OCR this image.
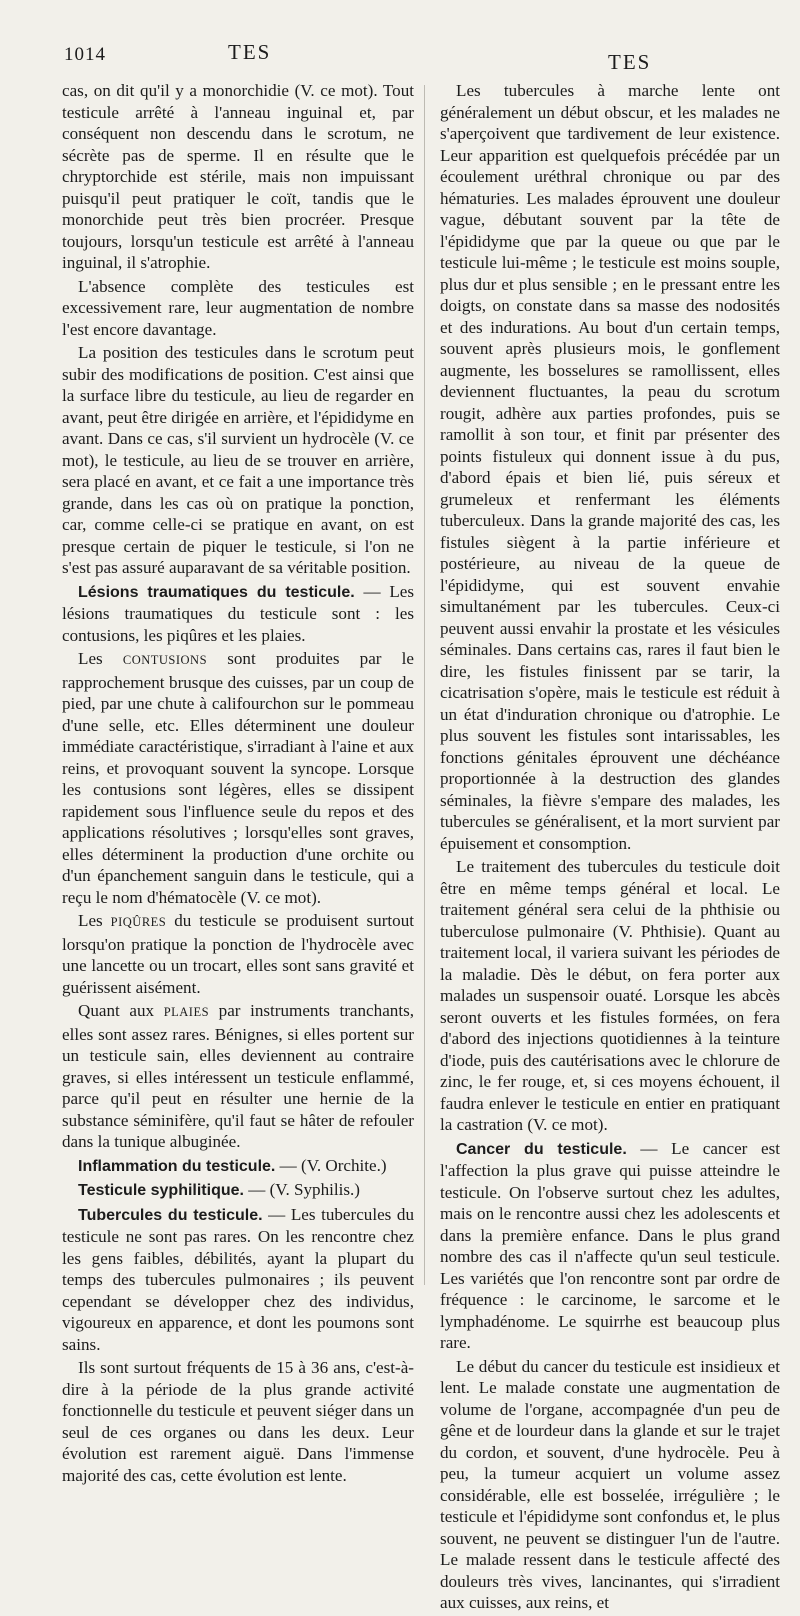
1014	TES	TES

cas, on dit qu'il y a monorchidie (V. ce mot). Tout testicule arrêté à l'anneau inguinal et, par conséquent non descendu dans le scrotum, ne sécrète pas de sperme. Il en résulte que le chryptorchide est stérile, mais non impuissant puisqu'il peut pratiquer le coït, tandis que le monorchide peut très bien procréer. Presque toujours, lorsqu'un testicule est arrêté à l'anneau inguinal, il s'atrophie.

L'absence complète des testicules est excessivement rare, leur augmentation de nombre l'est encore davantage.

La position des testicules dans le scrotum peut subir des modifications de position. C'est ainsi que la surface libre du testicule, au lieu de regarder en avant, peut être dirigée en arrière, et l'épididyme en avant. Dans ce cas, s'il survient un hydrocèle (V. ce mot), le testicule, au lieu de se trouver en arrière, sera placé en avant, et ce fait a une importance très grande, dans les cas où on pratique la ponction, car, comme celle-ci se pratique en avant, on est presque certain de piquer le testicule, si l'on ne s'est pas assuré auparavant de sa véritable position.

Lésions traumatiques du testicule. — Les lésions traumatiques du testicule sont : les contusions, les piqûres et les plaies.

Les CONTUSIONS sont produites par le rapprochement brusque des cuisses, par un coup de pied, par une chute à califourchon sur le pommeau d'une selle, etc. Elles déterminent une douleur immédiate caractéristique, s'irradiant à l'aine et aux reins, et provoquant souvent la syncope. Lorsque les contusions sont légères, elles se dissipent rapidement sous l'influence seule du repos et des applications résolutives ; lorsqu'elles sont graves, elles déterminent la production d'une orchite ou d'un épanchement sanguin dans le testicule, qui a reçu le nom d'hématocèle (V. ce mot).

Les PIQÛRES du testicule se produisent surtout lorsqu'on pratique la ponction de l'hydrocèle avec une lancette ou un trocart, elles sont sans gravité et guérissent aisément.

Quant aux PLAIES par instruments tranchants, elles sont assez rares. Bénignes, si elles portent sur un testicule sain, elles deviennent au contraire graves, si elles intéressent un testicule enflammé, parce qu'il peut en résulter une hernie de la substance séminifère, qu'il faut se hâter de refouler dans la tunique albuginée.

Inflammation du testicule. — (V. Orchite.)

Testicule syphilitique. — (V. Syphilis.)

Tubercules du testicule. — Les tubercules du testicule ne sont pas rares. On les rencontre chez les gens faibles, débilités, ayant la plupart du temps des tubercules pulmonaires ; ils peuvent cependant se développer chez des individus, vigoureux en apparence, et dont les poumons sont sains.

Ils sont surtout fréquents de 15 à 36 ans, c'est-à-dire à la période de la plus grande activité fonctionnelle du testicule et peuvent siéger dans un seul de ces organes ou dans les deux. Leur évolution est rarement aiguë. Dans l'immense majorité des cas, cette évolution est lente.

Les tubercules à marche lente ont généralement un début obscur, et les malades ne s'aperçoivent que tardivement de leur existence. Leur apparition est quelquefois précédée par un écoulement uréthral chronique ou par des hématuries. Les malades éprouvent une douleur vague, débutant souvent par la tête de l'épididyme que par la queue ou que par le testicule lui-même ; le testicule est moins souple, plus dur et plus sensible ; en le pressant entre les doigts, on constate dans sa masse des nodosités et des indurations. Au bout d'un certain temps, souvent après plusieurs mois, le gonflement augmente, les bosselures se ramollissent, elles deviennent fluctuantes, la peau du scrotum rougit, adhère aux parties profondes, puis se ramollit à son tour, et finit par présenter des points fistuleux qui donnent issue à du pus, d'abord épais et bien lié, puis séreux et grumeleux et renfermant les éléments tuberculeux. Dans la grande majorité des cas, les fistules siègent à la partie inférieure et postérieure, au niveau de la queue de l'épididyme, qui est souvent envahie simultanément par les tubercules. Ceux-ci peuvent aussi envahir la prostate et les vésicules séminales. Dans certains cas, rares il faut bien le dire, les fistules finissent par se tarir, la cicatrisation s'opère, mais le testicule est réduit à un état d'induration chronique ou d'atrophie. Le plus souvent les fistules sont intarissables, les fonctions génitales éprouvent une déchéance proportionnée à la destruction des glandes séminales, la fièvre s'empare des malades, les tubercules se généralisent, et la mort survient par épuisement et consomption.

Le traitement des tubercules du testicule doit être en même temps général et local. Le traitement général sera celui de la phthisie ou tuberculose pulmonaire (V. Phthisie). Quant au traitement local, il variera suivant les périodes de la maladie. Dès le début, on fera porter aux malades un suspensoir ouaté. Lorsque les abcès seront ouverts et les fistules formées, on fera d'abord des injections quotidiennes à la teinture d'iode, puis des cautérisations avec le chlorure de zinc, le fer rouge, et, si ces moyens échouent, il faudra enlever le testicule en entier en pratiquant la castration (V. ce mot).

Cancer du testicule. — Le cancer est l'affection la plus grave qui puisse atteindre le testicule. On l'observe surtout chez les adultes, mais on le rencontre aussi chez les adolescents et dans la première enfance. Dans le plus grand nombre des cas il n'affecte qu'un seul testicule. Les variétés que l'on rencontre sont par ordre de fréquence : le carcinome, le sarcome et le lymphadénome. Le squirrhe est beaucoup plus rare.

Le début du cancer du testicule est insidieux et lent. Le malade constate une augmentation de volume de l'organe, accompagnée d'un peu de gêne et de lourdeur dans la glande et sur le trajet du cordon, et souvent, d'une hydrocèle. Peu à peu, la tumeur acquiert un volume assez considérable, elle est bosselée, irrégulière ; le testicule et l'épididyme sont confondus et, le plus souvent, ne peuvent se distinguer l'un de l'autre. Le malade ressent dans le testicule affecté des douleurs très vives, lancinantes, qui s'irradient aux cuisses, aux reins, et
